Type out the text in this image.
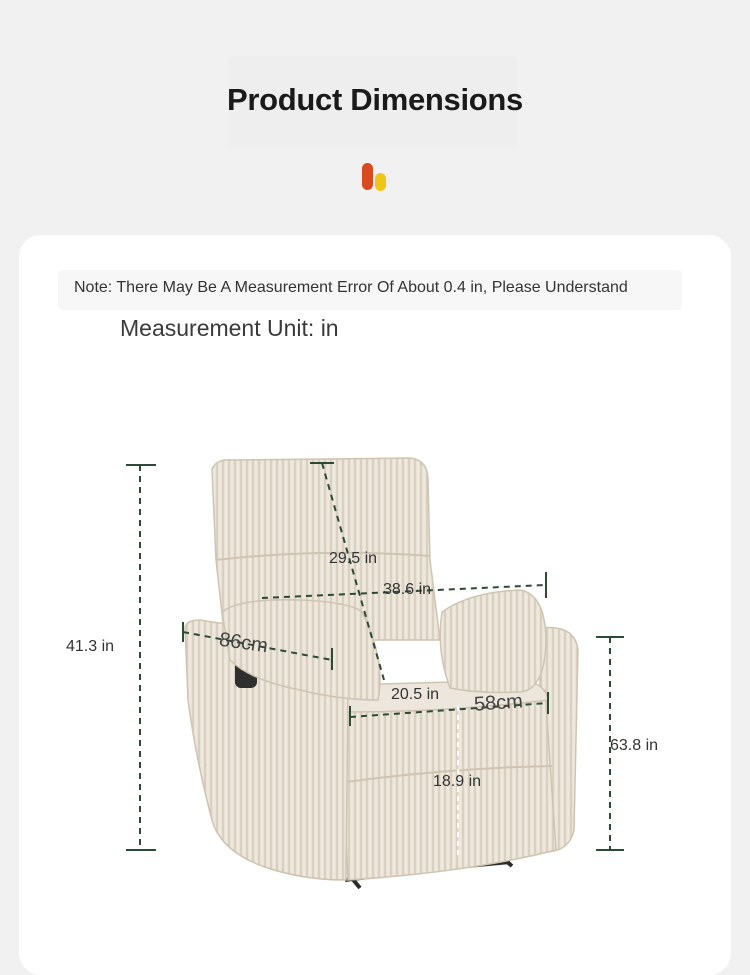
Product Dimensions
Note: There May Be A Measurement Error Of About 0.4 in, Please Understand
Measurement Unit: in
41.3 in
29.5 in
38.6 in
86cm
20.5 in 58cm
18.9 in
63.8 in
